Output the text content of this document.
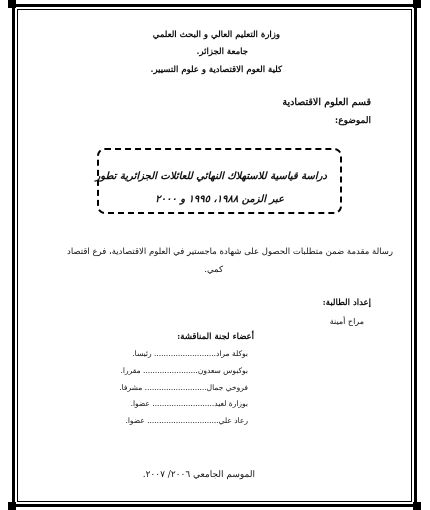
وزارة التعليم العالي و البحث العلمي
جامعة الجزائر.
كلية العوم الاقتصادية و علوم التسيير.
قسم العلوم الاقتصادية
الموضوع:
دراسة قياسية للاستهلاك النهائي للعائلات الجزائرية تطور
عبر الزمن ١٩٨٨، ١٩٩٥ و ٢٠٠٠
رسالة مقدمة ضمن متطلبات الحصول على شهادة ماجستير في العلوم الاقتصادية، فرع اقتصاد
كمي.
إعداد الطالبة:
مراح أمينة
أعضاء لجنة المناقشة:
بوكلة مراد.......................... رئيسا.
بوكبوس سعدون....................... مقررا.
فروخي جمال.......................... مشرفا.
بوزارة لعيد.......................... عضوا.
رعاد علي.............................. عضوا.
الموسم الجامعي ٢٠٠٦/ ٢٠٠٧.
